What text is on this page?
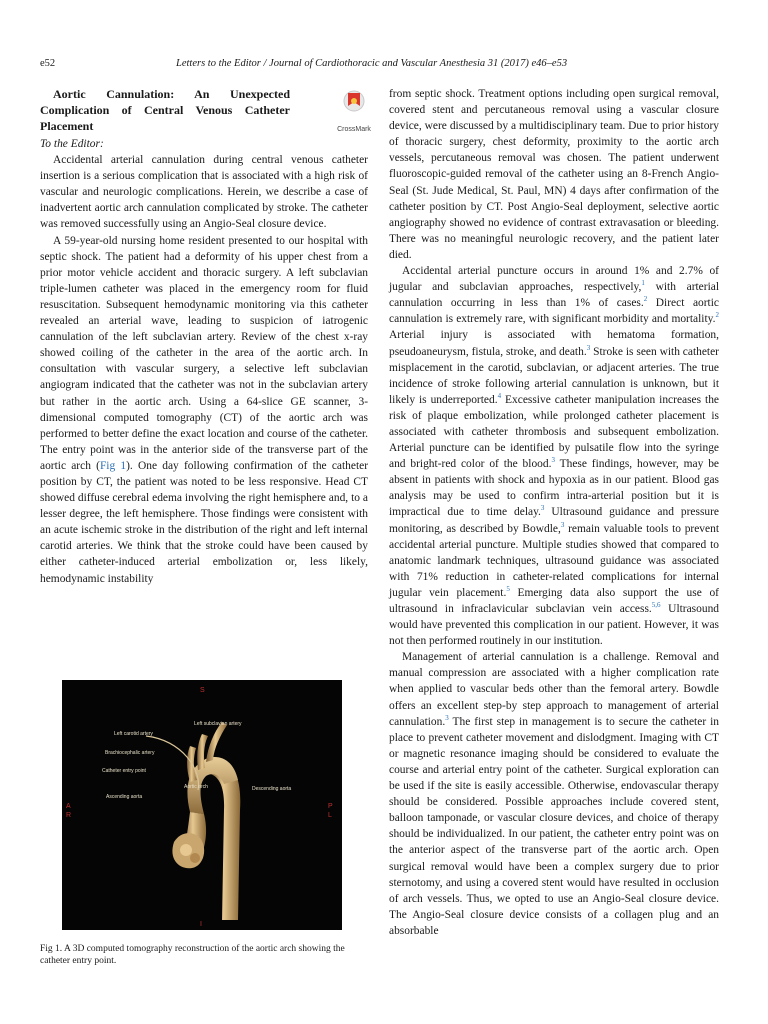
e52	Letters to the Editor / Journal of Cardiothoracic and Vascular Anesthesia 31 (2017) e46–e53

Aortic Cannulation: An Unexpected Complication of Central Venous Catheter Placement	CrossMark

To the Editor:

Accidental arterial cannulation during central venous catheter insertion is a serious complication that is associated with a high risk of vascular and neurologic complications. Herein, we describe a case of inadvertent aortic arch cannulation complicated by stroke. The catheter was removed successfully using an Angio-Seal closure device.

A 59-year-old nursing home resident presented to our hospital with septic shock. The patient had a deformity of his upper chest from a prior motor vehicle accident and thoracic surgery. A left subclavian triple-lumen catheter was placed in the emergency room for fluid resuscitation. Subsequent hemodynamic monitoring via this catheter revealed an arterial wave, leading to suspicion of iatrogenic cannulation of the left subclavian artery. Review of the chest x-ray showed coiling of the catheter in the area of the aortic arch. In consultation with vascular surgery, a selective left subclavian angiogram indicated that the catheter was not in the subclavian artery but rather in the aortic arch. Using a 64-slice GE scanner, 3-dimensional computed tomography (CT) of the aortic arch was performed to better define the exact location and course of the catheter. The entry point was in the anterior side of the transverse part of the aortic arch (Fig 1). One day following confirmation of the catheter position by CT, the patient was noted to be less responsive. Head CT showed diffuse cerebral edema involving the right hemisphere and, to a lesser degree, the left hemisphere. Those findings were consistent with an acute ischemic stroke in the distribution of the right and left internal carotid arteries. We think that the stroke could have been caused by either catheter-induced arterial embolization or, less likely, hemodynamic instability

S
I
A
R
P
L
Left subclavian artery
Left carotid artery
Brachiocephalic artery
Catheter entry point
Aortic arch
Ascending aorta
Descending aorta
Fig 1. A 3D computed tomography reconstruction of the aortic arch showing the catheter entry point.

from septic shock. Treatment options including open surgical removal, covered stent and percutaneous removal using a vascular closure device, were discussed by a multidisciplinary team. Due to prior history of thoracic surgery, chest deformity, proximity to the aortic arch vessels, percutaneous removal was chosen. The patient underwent fluoroscopic-guided removal of the catheter using an 8-French Angio-Seal (St. Jude Medical, St. Paul, MN) 4 days after confirmation of the catheter position by CT. Post Angio-Seal deployment, selective aortic angiography showed no evidence of contrast extravasation or bleeding. There was no meaningful neurologic recovery, and the patient later died.

Accidental arterial puncture occurs in around 1% and 2.7% of jugular and subclavian approaches, respectively,$^1$ with arterial cannulation occurring in less than 1% of cases.$^2$ Direct aortic cannulation is extremely rare, with significant morbidity and mortality.$^2$ Arterial injury is associated with hematoma formation, pseudoaneurysm, fistula, stroke, and death.$^3$ Stroke is seen with catheter misplacement in the carotid, subclavian, or adjacent arteries. The true incidence of stroke following arterial cannulation is unknown, but it likely is underreported.$^4$ Excessive catheter manipulation increases the risk of plaque embolization, while prolonged catheter placement is associated with catheter thrombosis and subsequent embolization. Arterial puncture can be identified by pulsatile flow into the syringe and bright-red color of the blood.$^3$ These findings, however, may be absent in patients with shock and hypoxia as in our patient. Blood gas analysis may be used to confirm intra-arterial position but it is impractical due to time delay.$^3$ Ultrasound guidance and pressure monitoring, as described by Bowdle,$^3$ remain valuable tools to prevent accidental arterial puncture. Multiple studies showed that compared to anatomic landmark techniques, ultrasound guidance was associated with 71% reduction in catheter-related complications for internal jugular vein placement.$^5$ Emerging data also support the use of ultrasound in infraclavicular subclavian vein access.$^{5,6}$ Ultrasound would have prevented this complication in our patient. However, it was not then performed routinely in our institution.

Management of arterial cannulation is a challenge. Removal and manual compression are associated with a higher complication rate when applied to vascular beds other than the femoral artery. Bowdle offers an excellent step-by step approach to management of arterial cannulation.$^3$ The first step in management is to secure the catheter in place to prevent catheter movement and dislodgment. Imaging with CT or magnetic resonance imaging should be considered to evaluate the course and arterial entry point of the catheter. Surgical exploration can be used if the site is easily accessible. Otherwise, endovascular therapy should be considered. Possible approaches include covered stent, balloon tamponade, or vascular closure devices, and choice of therapy should be individualized. In our patient, the catheter entry point was on the anterior aspect of the transverse part of the aortic arch. Open surgical removal would have been a complex surgery due to prior sternotomy, and using a covered stent would have resulted in occlusion of arch vessels. Thus, we opted to use an Angio-Seal closure device. The Angio-Seal closure device consists of a collagen plug and an absorbable
